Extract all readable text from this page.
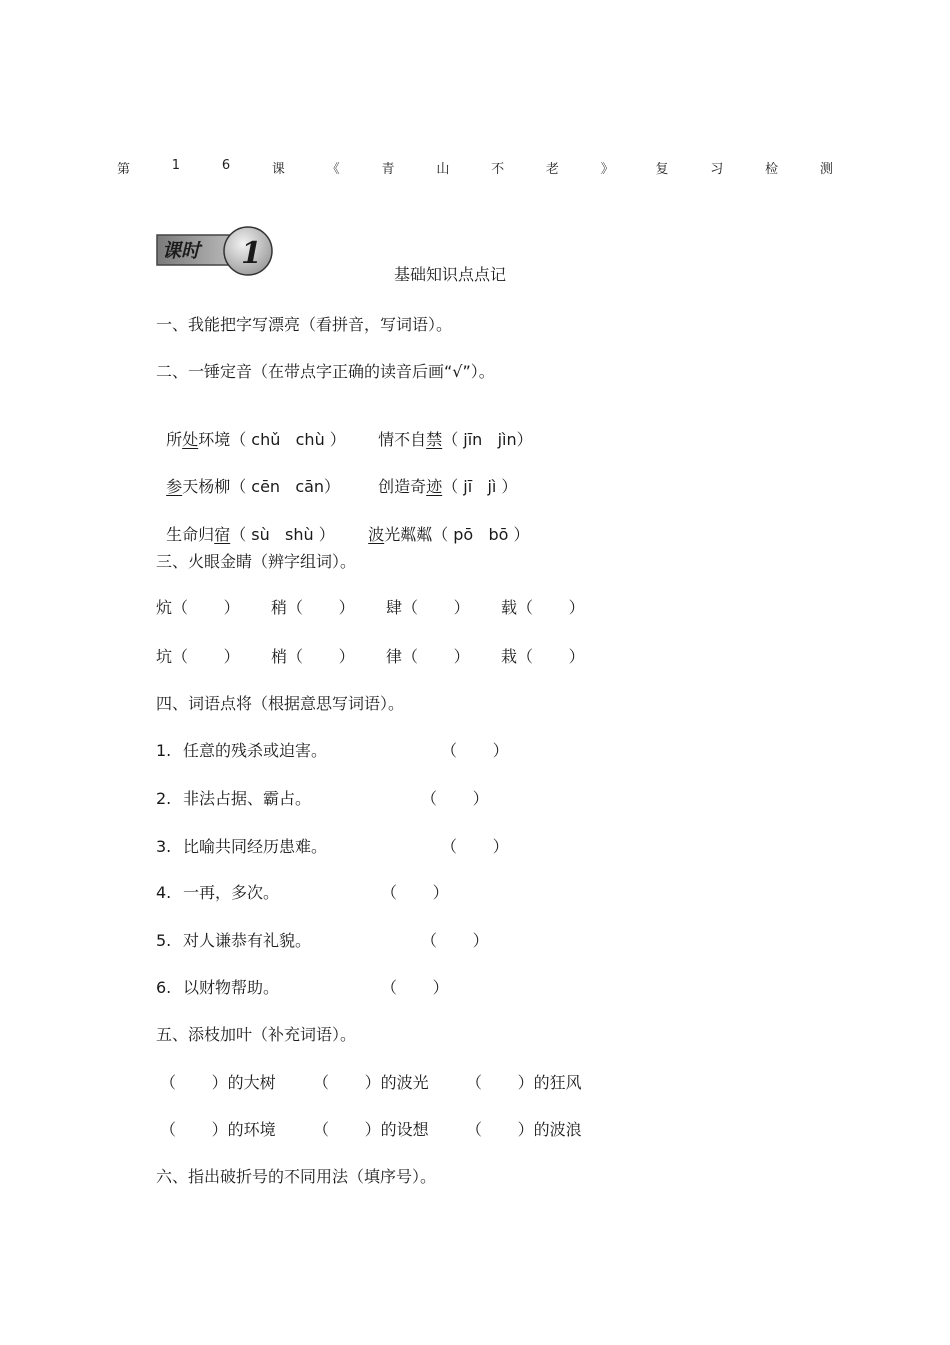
第	1	6	课	《	青	山	不	老	》	复	习	检	测
课时 1
基础知识点点记
一、我能把字写漂亮（看拼音，写词语）。
二、一锤定音（在带点字正确的读音后画“√”）。

所处环境（ chǔ   chù ） 情不自禁（ jīn   jìn）

参天杨柳（ cēn   cān） 创造奇迹（ jī   jì ）

生命归宿（ sù   shù ） 波光粼粼（ pō   bō ）

三、火眼金睛（辨字组词）。
炕（       ） 稍（       ） 肆（       ） 载（       ）
坑（       ） 梢（       ） 律（       ） 栽（       ）
四、词语点将（根据意思写词语）。
1. 任意的残杀或迫害。	（       ）
2. 非法占据、霸占。	（       ）
3. 比喻共同经历患难。	（       ）
4. 一再，多次。	（       ）
5. 对人谦恭有礼貌。	（       ）
6. 以财物帮助。	（       ）
五、添枝加叶（补充词语）。
（       ）的大树 （       ）的波光 （       ）的狂风
（       ）的环境 （       ）的设想 （       ）的波浪
六、指出破折号的不同用法（填序号）。
